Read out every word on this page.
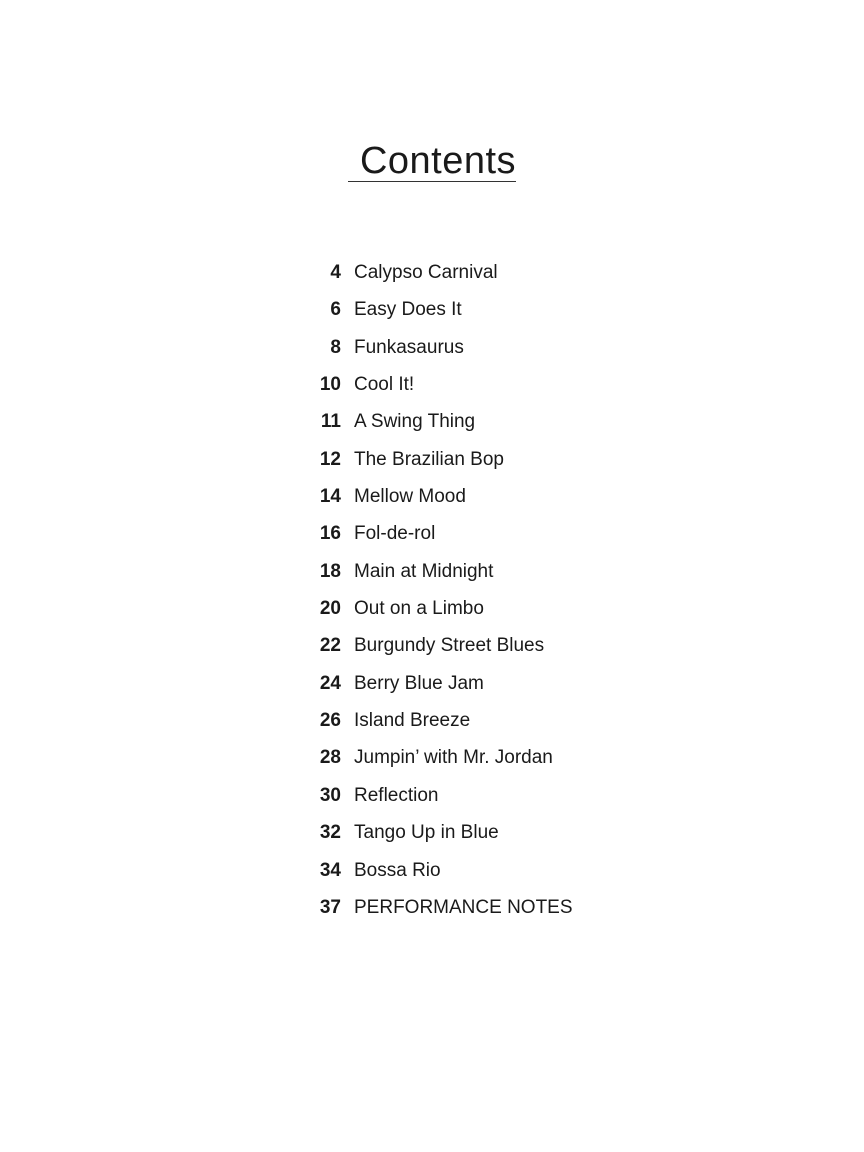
Contents
4 Calypso Carnival
6 Easy Does It
8 Funkasaurus
10 Cool It!
11 A Swing Thing
12 The Brazilian Bop
14 Mellow Mood
16 Fol-de-rol
18 Main at Midnight
20 Out on a Limbo
22 Burgundy Street Blues
24 Berry Blue Jam
26 Island Breeze
28 Jumpin’ with Mr. Jordan
30 Reflection
32 Tango Up in Blue
34 Bossa Rio
37 PERFORMANCE NOTES
